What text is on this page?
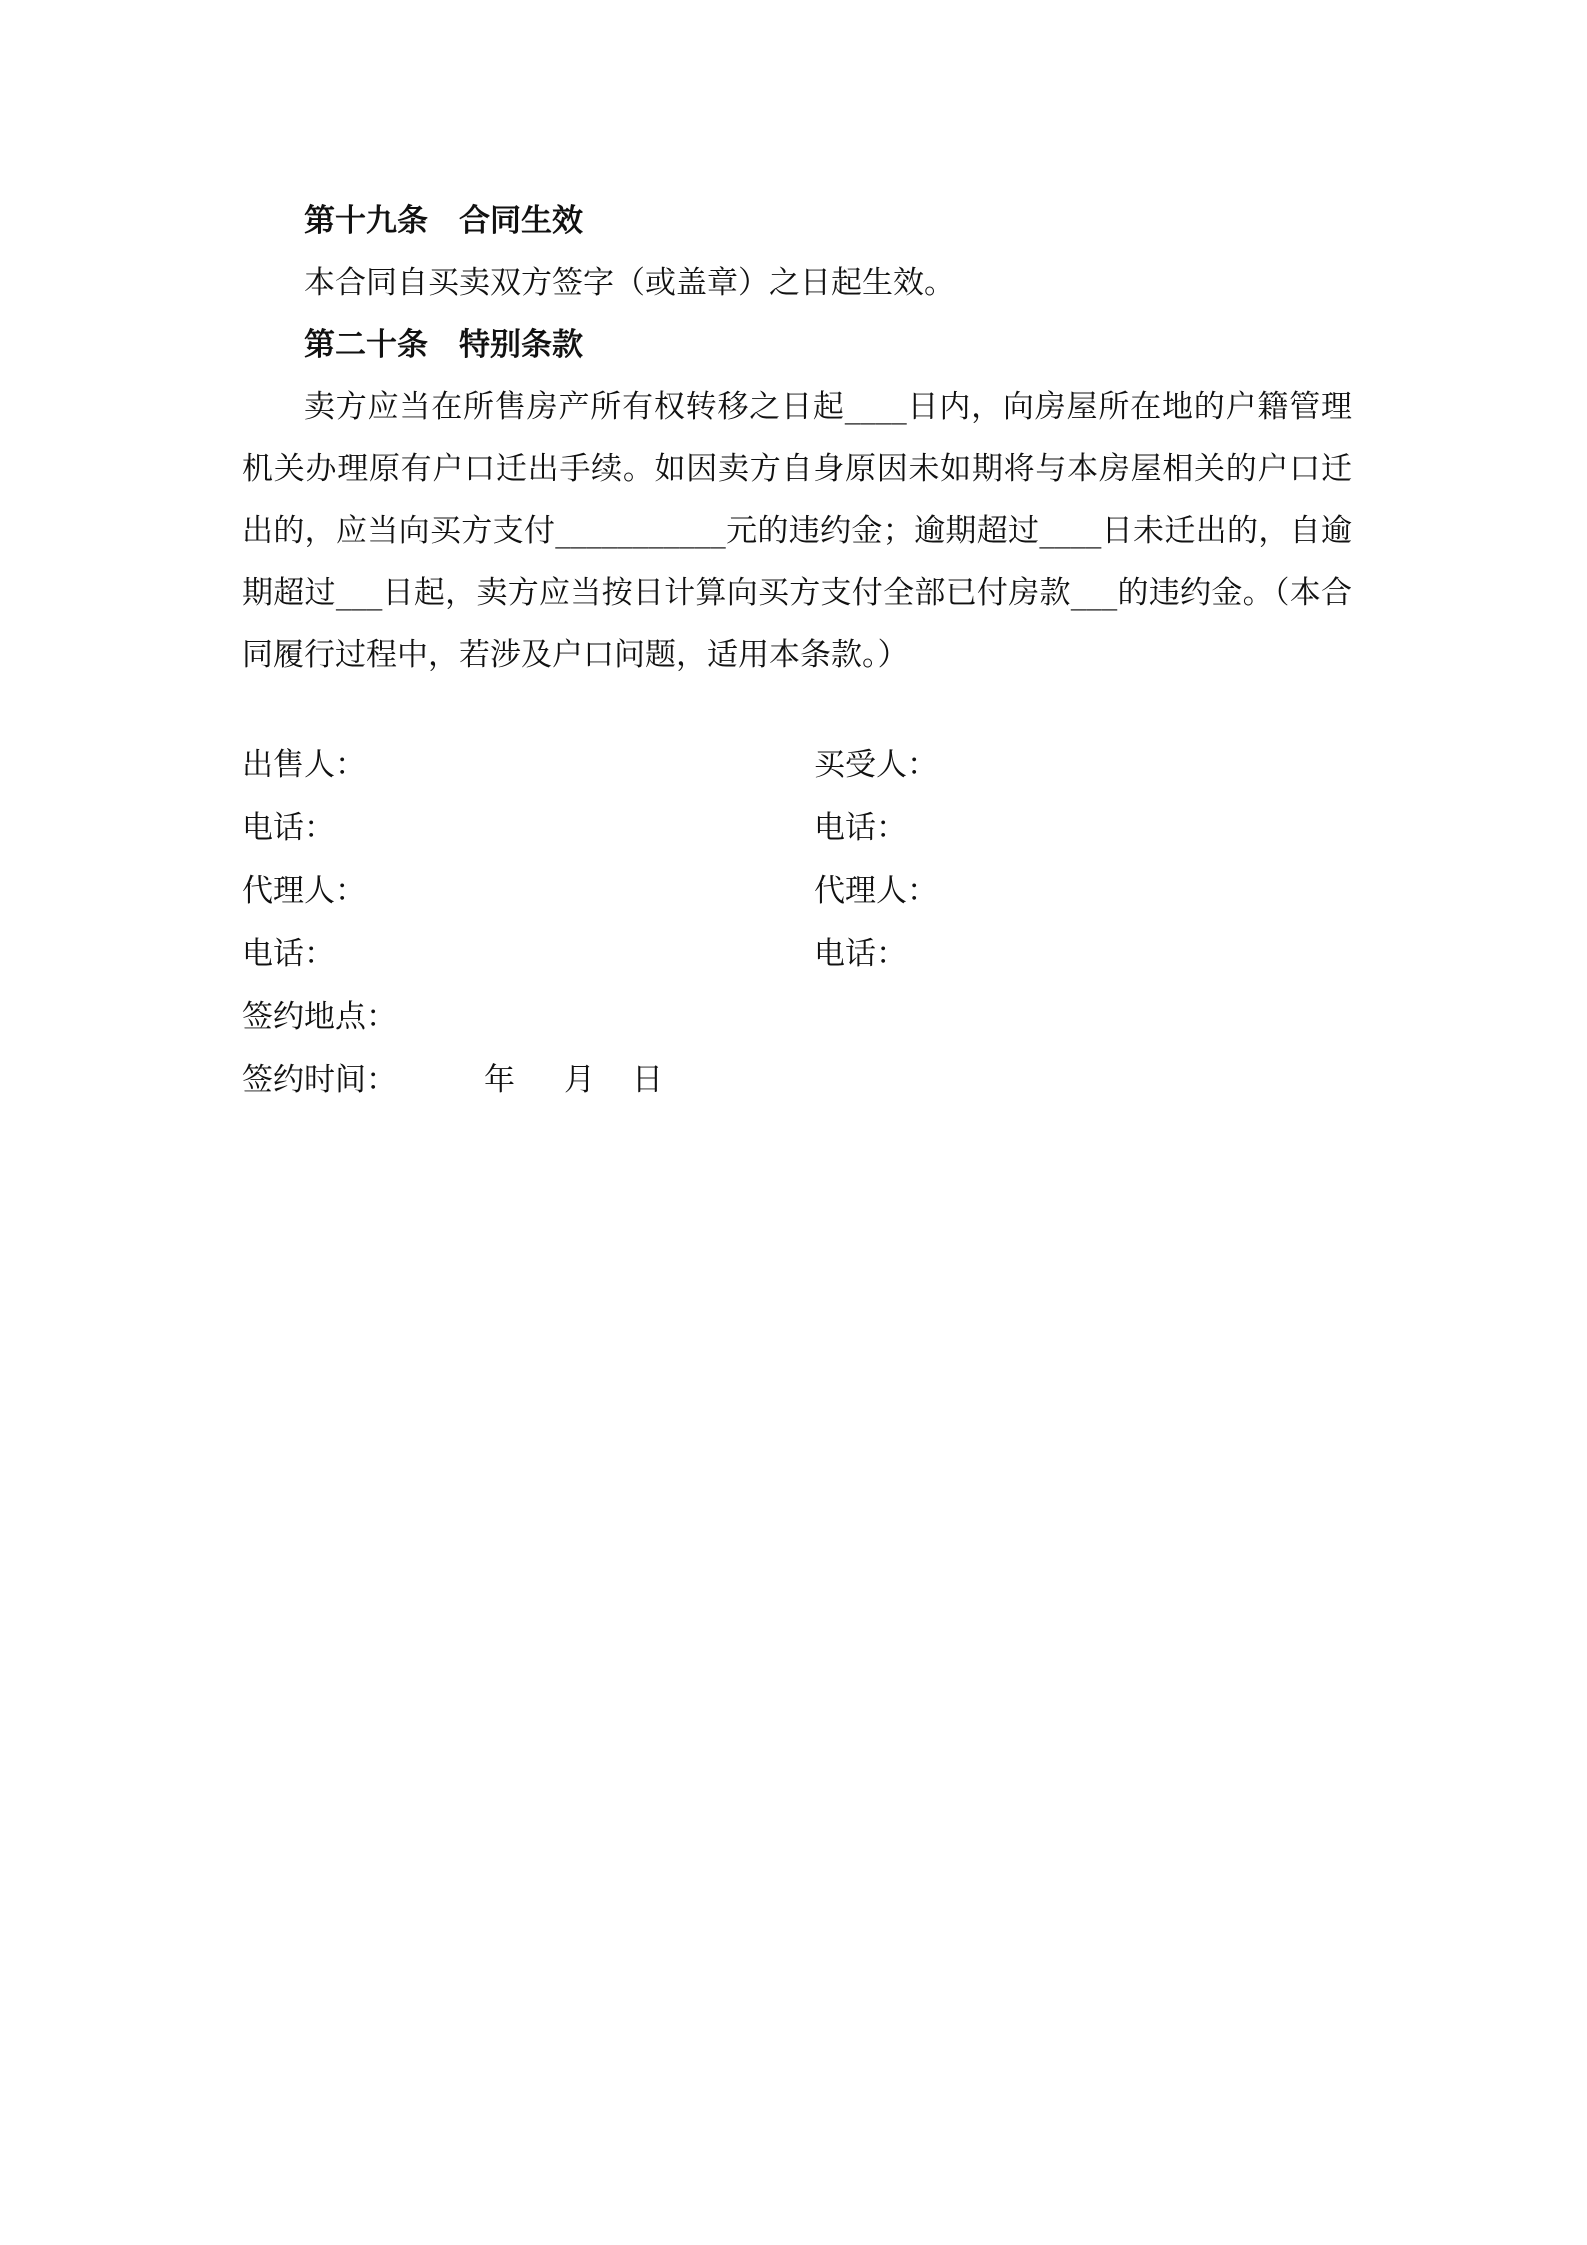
第十九条　合同生效
本合同自买卖双方签字（或盖章）之日起生效。
第二十条　特别条款
卖方应当在所售房产所有权转移之日起____日内，向房屋所在地的户籍管理机关办理原有户口迁出手续。如因卖方自身原因未如期将与本房屋相关的户口迁出的，应当向买方支付___________元的违约金；逾期超过____日未迁出的，自逾期超过___日起，卖方应当按日计算向买方支付全部已付房款___的违约金。（本合同履行过程中，若涉及户口问题，适用本条款。）
出售人：	买受人：
电话：	电话：
代理人：	代理人：
电话：	电话：
签约地点：
签约时间：	年 月 日
